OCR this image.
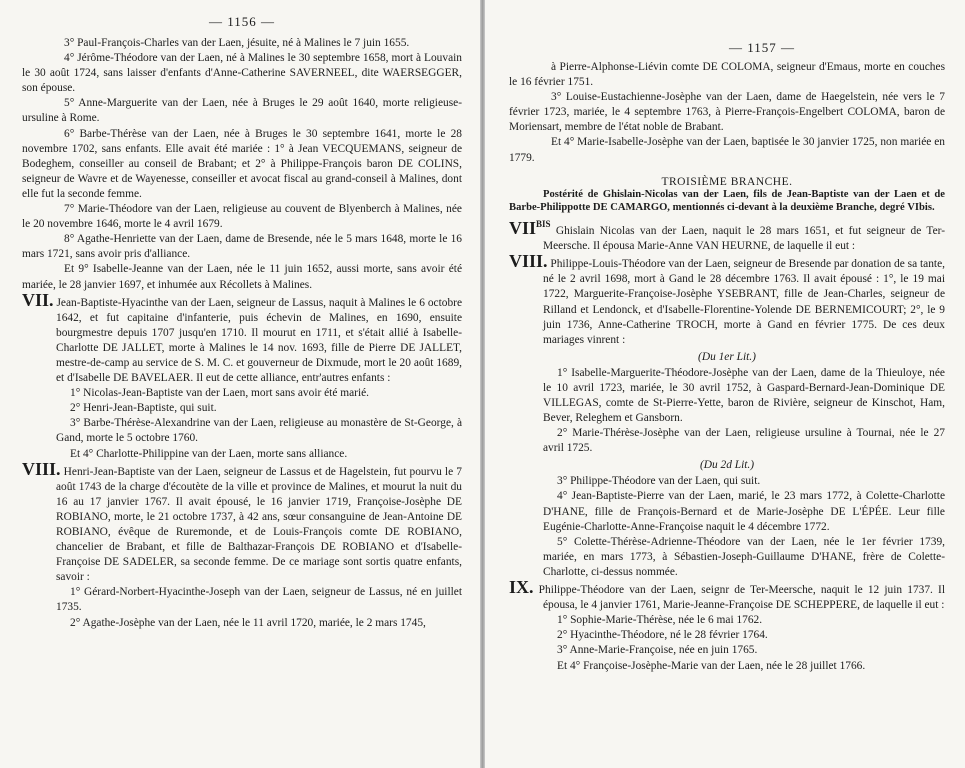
— 1156 —

3° Paul-François-Charles van der Laen, jésuite, né à Malines le 7 juin 1655.

4° Jérôme-Théodore van der Laen, né à Malines le 30 septembre 1658, mort à Louvain le 30 août 1724, sans laisser d'enfants d'Anne-Catherine SAVERNEEL, dite WAERSEGGER, son épouse.

5° Anne-Marguerite van der Laen, née à Bruges le 29 août 1640, morte religieuse-ursuline à Rome.

6° Barbe-Thérèse van der Laen, née à Bruges le 30 septembre 1641, morte le 28 novembre 1702, sans enfants. Elle avait été mariée : 1° à Jean VECQUEMANS, seigneur de Bodeghem, conseiller au conseil de Brabant; et 2° à Philippe-François baron DE COLINS, seigneur de Wavre et de Wayenesse, conseiller et avocat fiscal au grand-conseil à Malines, dont elle fut la seconde femme.

7° Marie-Théodore van der Laen, religieuse au couvent de Blyenberch à Malines, née le 20 novembre 1646, morte le 4 avril 1679.

8° Agathe-Henriette van der Laen, dame de Bresende, née le 5 mars 1648, morte le 16 mars 1721, sans avoir pris d'alliance.

Et 9° Isabelle-Jeanne van der Laen, née le 11 juin 1652, aussi morte, sans avoir été mariée, le 28 janvier 1697, et inhumée aux Récollets à Malines.

VII. Jean-Baptiste-Hyacinthe van der Laen, seigneur de Lassus, naquit à Malines le 6 octobre 1642, et fut capitaine d'infanterie, puis échevin de Malines, en 1690, ensuite bourgmestre depuis 1707 jusqu'en 1710. Il mourut en 1711, et s'était allié à Isabelle-Charlotte DE JALLET, morte à Malines le 14 nov. 1693, fille de Pierre DE JALLET, mestre-de-camp au service de S. M. C. et gouverneur de Dixmude, mort le 20 août 1689, et d'Isabelle DE BAVELAER. Il eut de cette alliance, entr'autres enfants :

1° Nicolas-Jean-Baptiste van der Laen, mort sans avoir été marié.

2° Henri-Jean-Baptiste, qui suit.

3° Barbe-Thérèse-Alexandrine van der Laen, religieuse au monastère de St-George, à Gand, morte le 5 octobre 1760.

Et 4° Charlotte-Philippine van der Laen, morte sans alliance.

VIII. Henri-Jean-Baptiste van der Laen, seigneur de Lassus et de Hagelstein, fut pourvu le 7 août 1743 de la charge d'écoutète de la ville et province de Malines, et mourut la nuit du 16 au 17 janvier 1767. Il avait épousé, le 16 janvier 1719, Françoise-Josèphe DE ROBIANO, morte, le 21 octobre 1737, à 42 ans, sœur consanguine de Jean-Antoine DE ROBIANO, évêque de Ruremonde, et de Louis-François comte DE ROBIANO, chancelier de Brabant, et fille de Balthazar-François DE ROBIANO et d'Isabelle-Françoise DE SADELER, sa seconde femme. De ce mariage sont sortis quatre enfants, savoir :

1° Gérard-Norbert-Hyacinthe-Joseph van der Laen, seigneur de Lassus, né en juillet 1735.

2° Agathe-Josèphe van der Laen, née le 11 avril 1720, mariée, le 2 mars 1745,

— 1157 —

à Pierre-Alphonse-Liévin comte DE COLOMA, seigneur d'Emaus, morte en couches le 16 février 1751.

3° Louise-Eustachienne-Josèphe van der Laen, dame de Haegelstein, née vers le 7 février 1723, mariée, le 4 septembre 1763, à Pierre-François-Engelbert COLOMA, baron de Moriensart, membre de l'état noble de Brabant.

Et 4° Marie-Isabelle-Josèphe van der Laen, baptisée le 30 janvier 1725, non mariée en 1779.

TROISIÈME BRANCHE.

Postérité de Ghislain-Nicolas van der Laen, fils de Jean-Baptiste van der Laen et de Barbe-Philippotte DE CAMARGO, mentionnés ci-devant à la deuxième Branche, degré VIbis.

$VII^{BIS}$ Ghislain Nicolas van der Laen, naquit le 28 mars 1651, et fut seigneur de Ter-Meersche. Il épousa Marie-Anne VAN HEURNE, de laquelle il eut :

VIII. Philippe-Louis-Théodore van der Laen, seigneur de Bresende par donation de sa tante, né le 2 avril 1698, mort à Gand le 28 décembre 1763. Il avait épousé : 1°, le 19 mai 1722, Marguerite-Françoise-Josèphe YSEBRANT, fille de Jean-Charles, seigneur de Rilland et Lendonck, et d'Isabelle-Florentine-Yolende DE BERNEMICOURT; 2°, le 9 juin 1736, Anne-Catherine TROCH, morte à Gand en février 1775. De ces deux mariages vinrent :

(Du 1er Lit.)

1° Isabelle-Marguerite-Théodore-Josèphe van der Laen, dame de la Thieuloye, née le 10 avril 1723, mariée, le 30 avril 1752, à Gaspard-Bernard-Jean-Dominique DE VILLEGAS, comte de St-Pierre-Yette, baron de Rivière, seigneur de Kinschot, Ham, Bever, Releghem et Gansborn.

2° Marie-Thérèse-Josèphe van der Laen, religieuse ursuline à Tournai, née le 27 avril 1725.

(Du 2d Lit.)

3° Philippe-Théodore van der Laen, qui suit.

4° Jean-Baptiste-Pierre van der Laen, marié, le 23 mars 1772, à Colette-Charlotte D'HANE, fille de François-Bernard et de Marie-Josèphe DE L'ÉPÉE. Leur fille Eugénie-Charlotte-Anne-Françoise naquit le 4 décembre 1772.

5° Colette-Thérèse-Adrienne-Théodore van der Laen, née le 1er février 1739, mariée, en mars 1773, à Sébastien-Joseph-Guillaume D'HANE, frère de Colette-Charlotte, ci-dessus nommée.

IX. Philippe-Théodore van der Laen, seignr de Ter-Meersche, naquit le 12 juin 1737. Il épousa, le 4 janvier 1761, Marie-Jeanne-Françoise DE SCHEPPERE, de laquelle il eut :

1° Sophie-Marie-Thérèse, née le 6 mai 1762.

2° Hyacinthe-Théodore, né le 28 février 1764.

3° Anne-Marie-Françoise, née en juin 1765.

Et 4° Françoise-Josèphe-Marie van der Laen, née le 28 juillet 1766.
